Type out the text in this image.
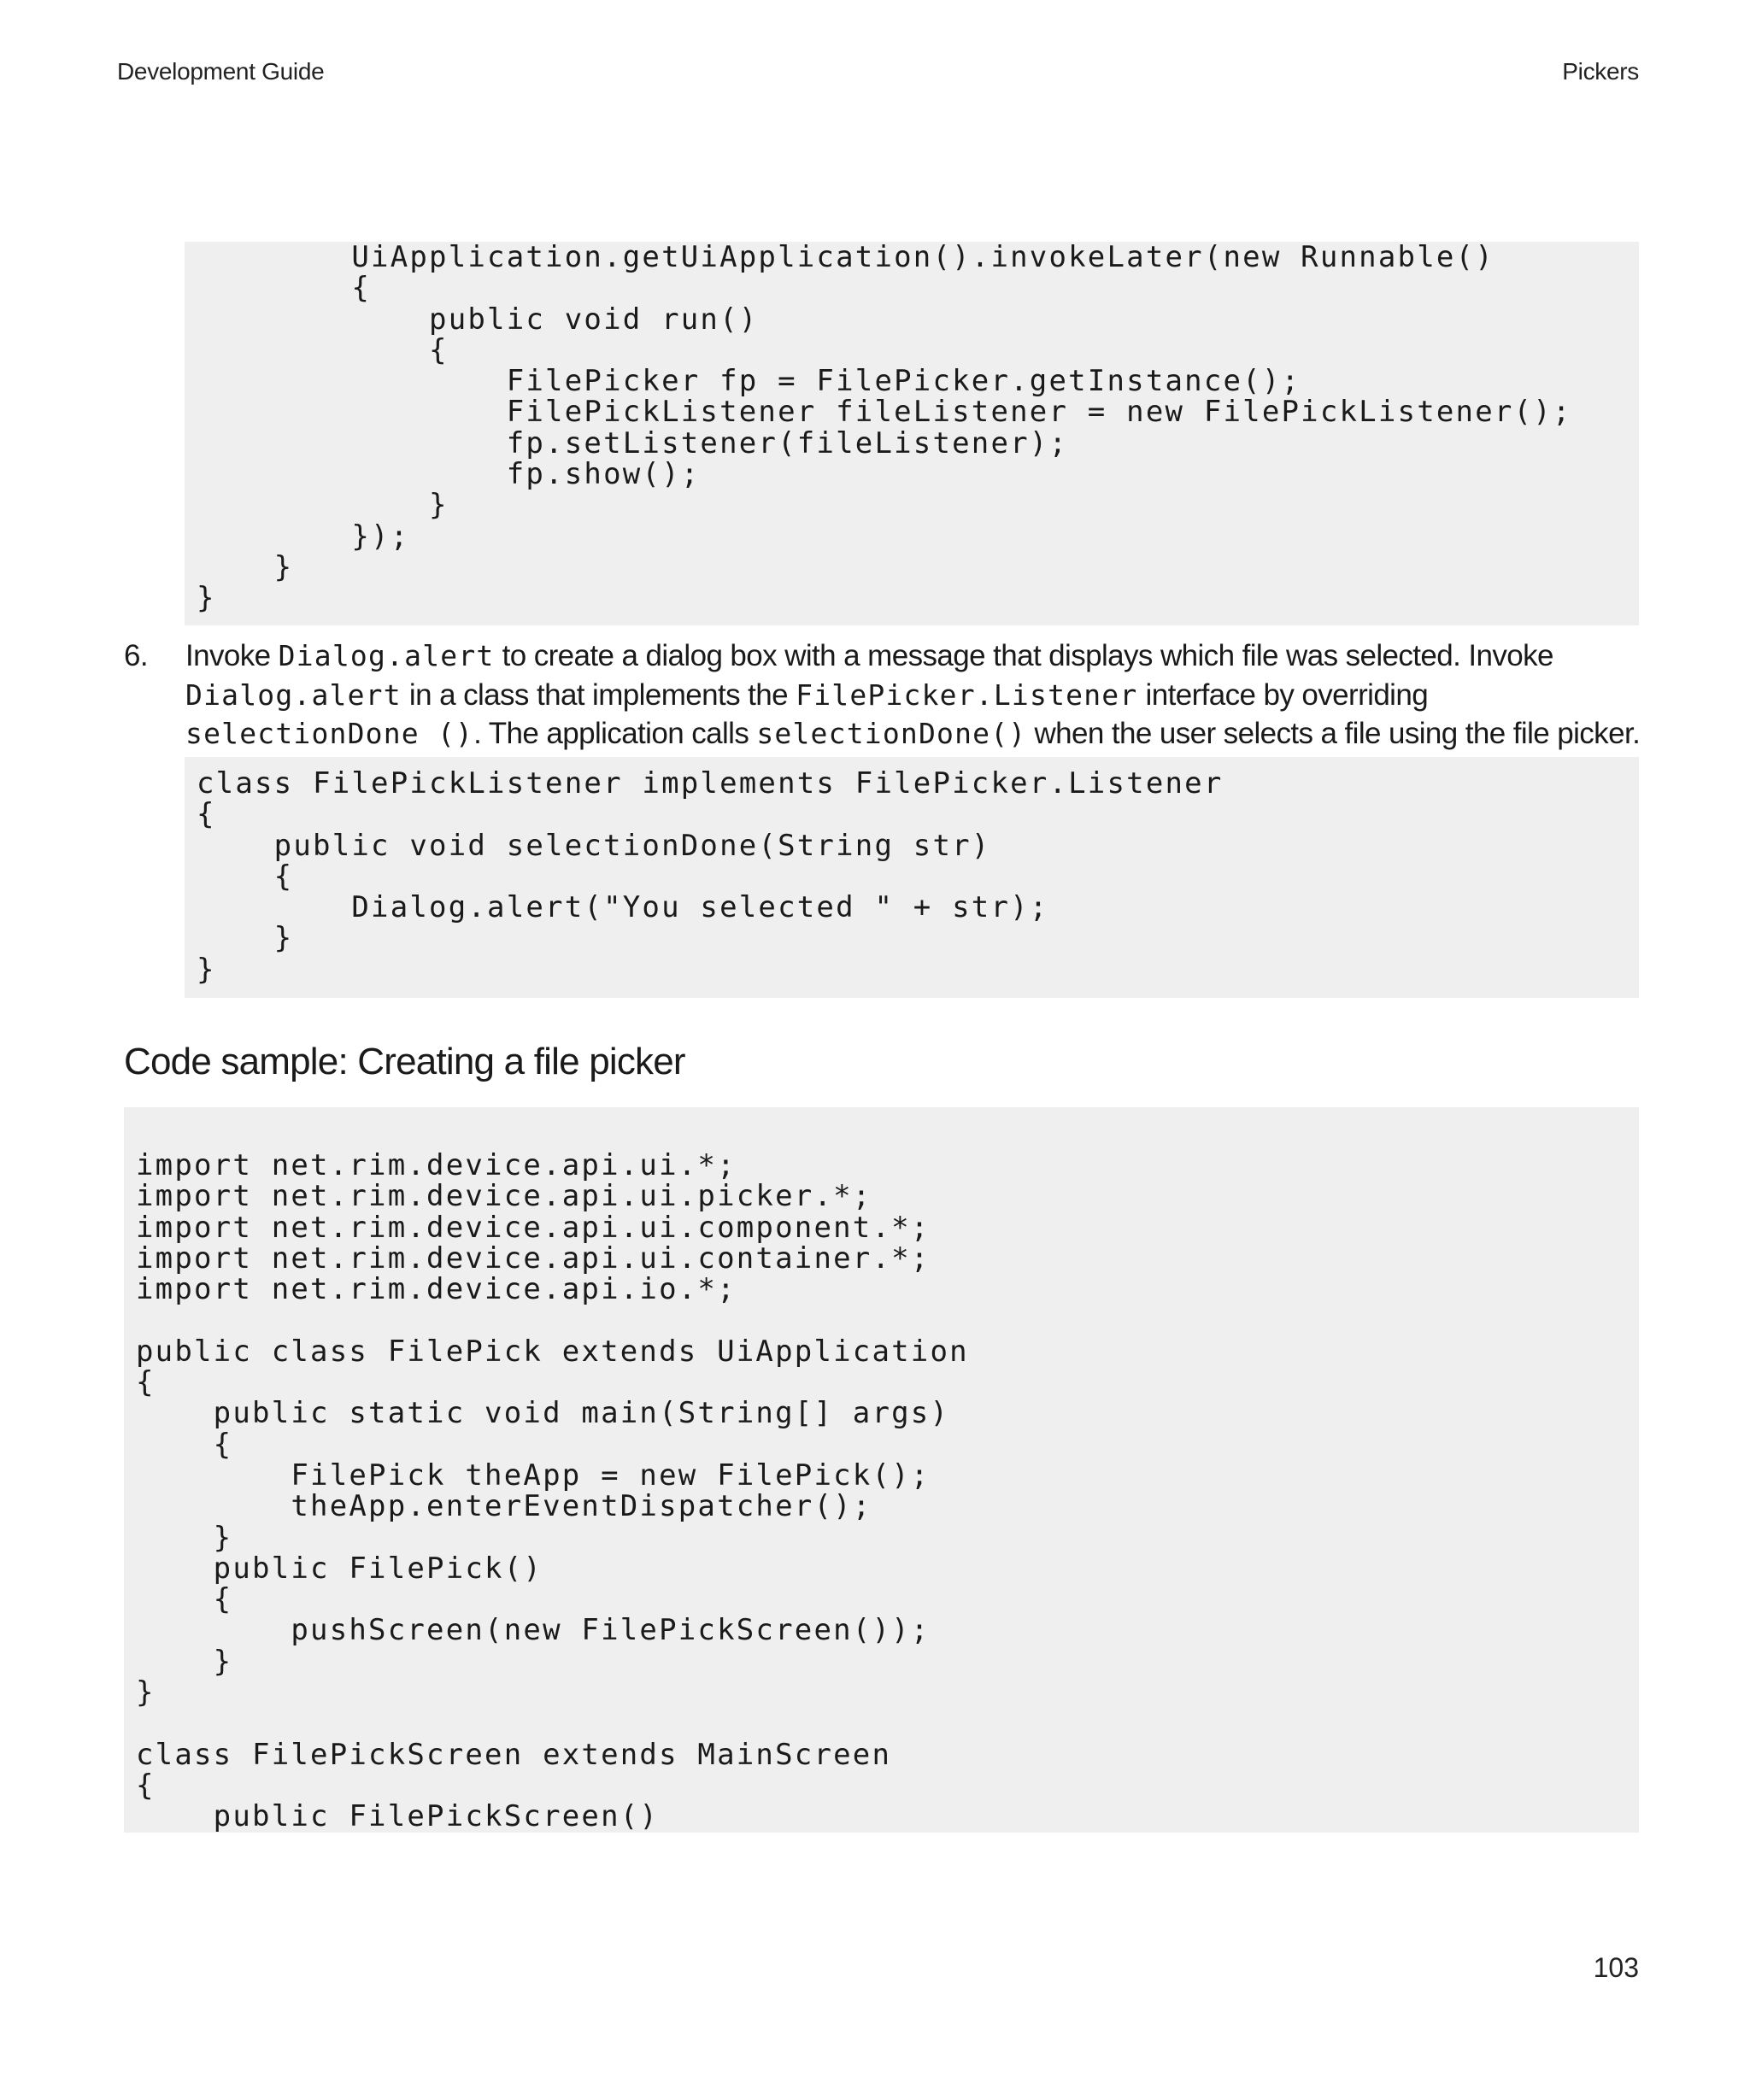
Development Guide	Pickers

UiApplication.getUiApplication().invokeLater(new Runnable()
{
public void run()
{
FilePicker fp = FilePicker.getInstance();
FilePickListener fileListener = new FilePickListener();
fp.setListener(fileListener);
fp.show();
}
});
}
}

6. Invoke Dialog.alert to create a dialog box with a message that displays which file was selected. Invoke
Dialog.alert in a class that implements the FilePicker.Listener interface by overriding selectionDone (). The application calls selectionDone() when the user selects a file using the file picker.

class FilePickListener implements FilePicker.Listener
{
public void selectionDone(String str)
{
Dialog.alert("You selected " + str);
}
}

Code sample: Creating a file picker

import net.rim.device.api.ui.*;
import net.rim.device.api.ui.picker.*;
import net.rim.device.api.ui.component.*;
import net.rim.device.api.ui.container.*;
import net.rim.device.api.io.*;

public class FilePick extends UiApplication
{
public static void main(String[] args)
{
FilePick theApp = new FilePick();
theApp.enterEventDispatcher();
}
public FilePick()
{
pushScreen(new FilePickScreen());
}
}

class FilePickScreen extends MainScreen
{
public FilePickScreen()

103
